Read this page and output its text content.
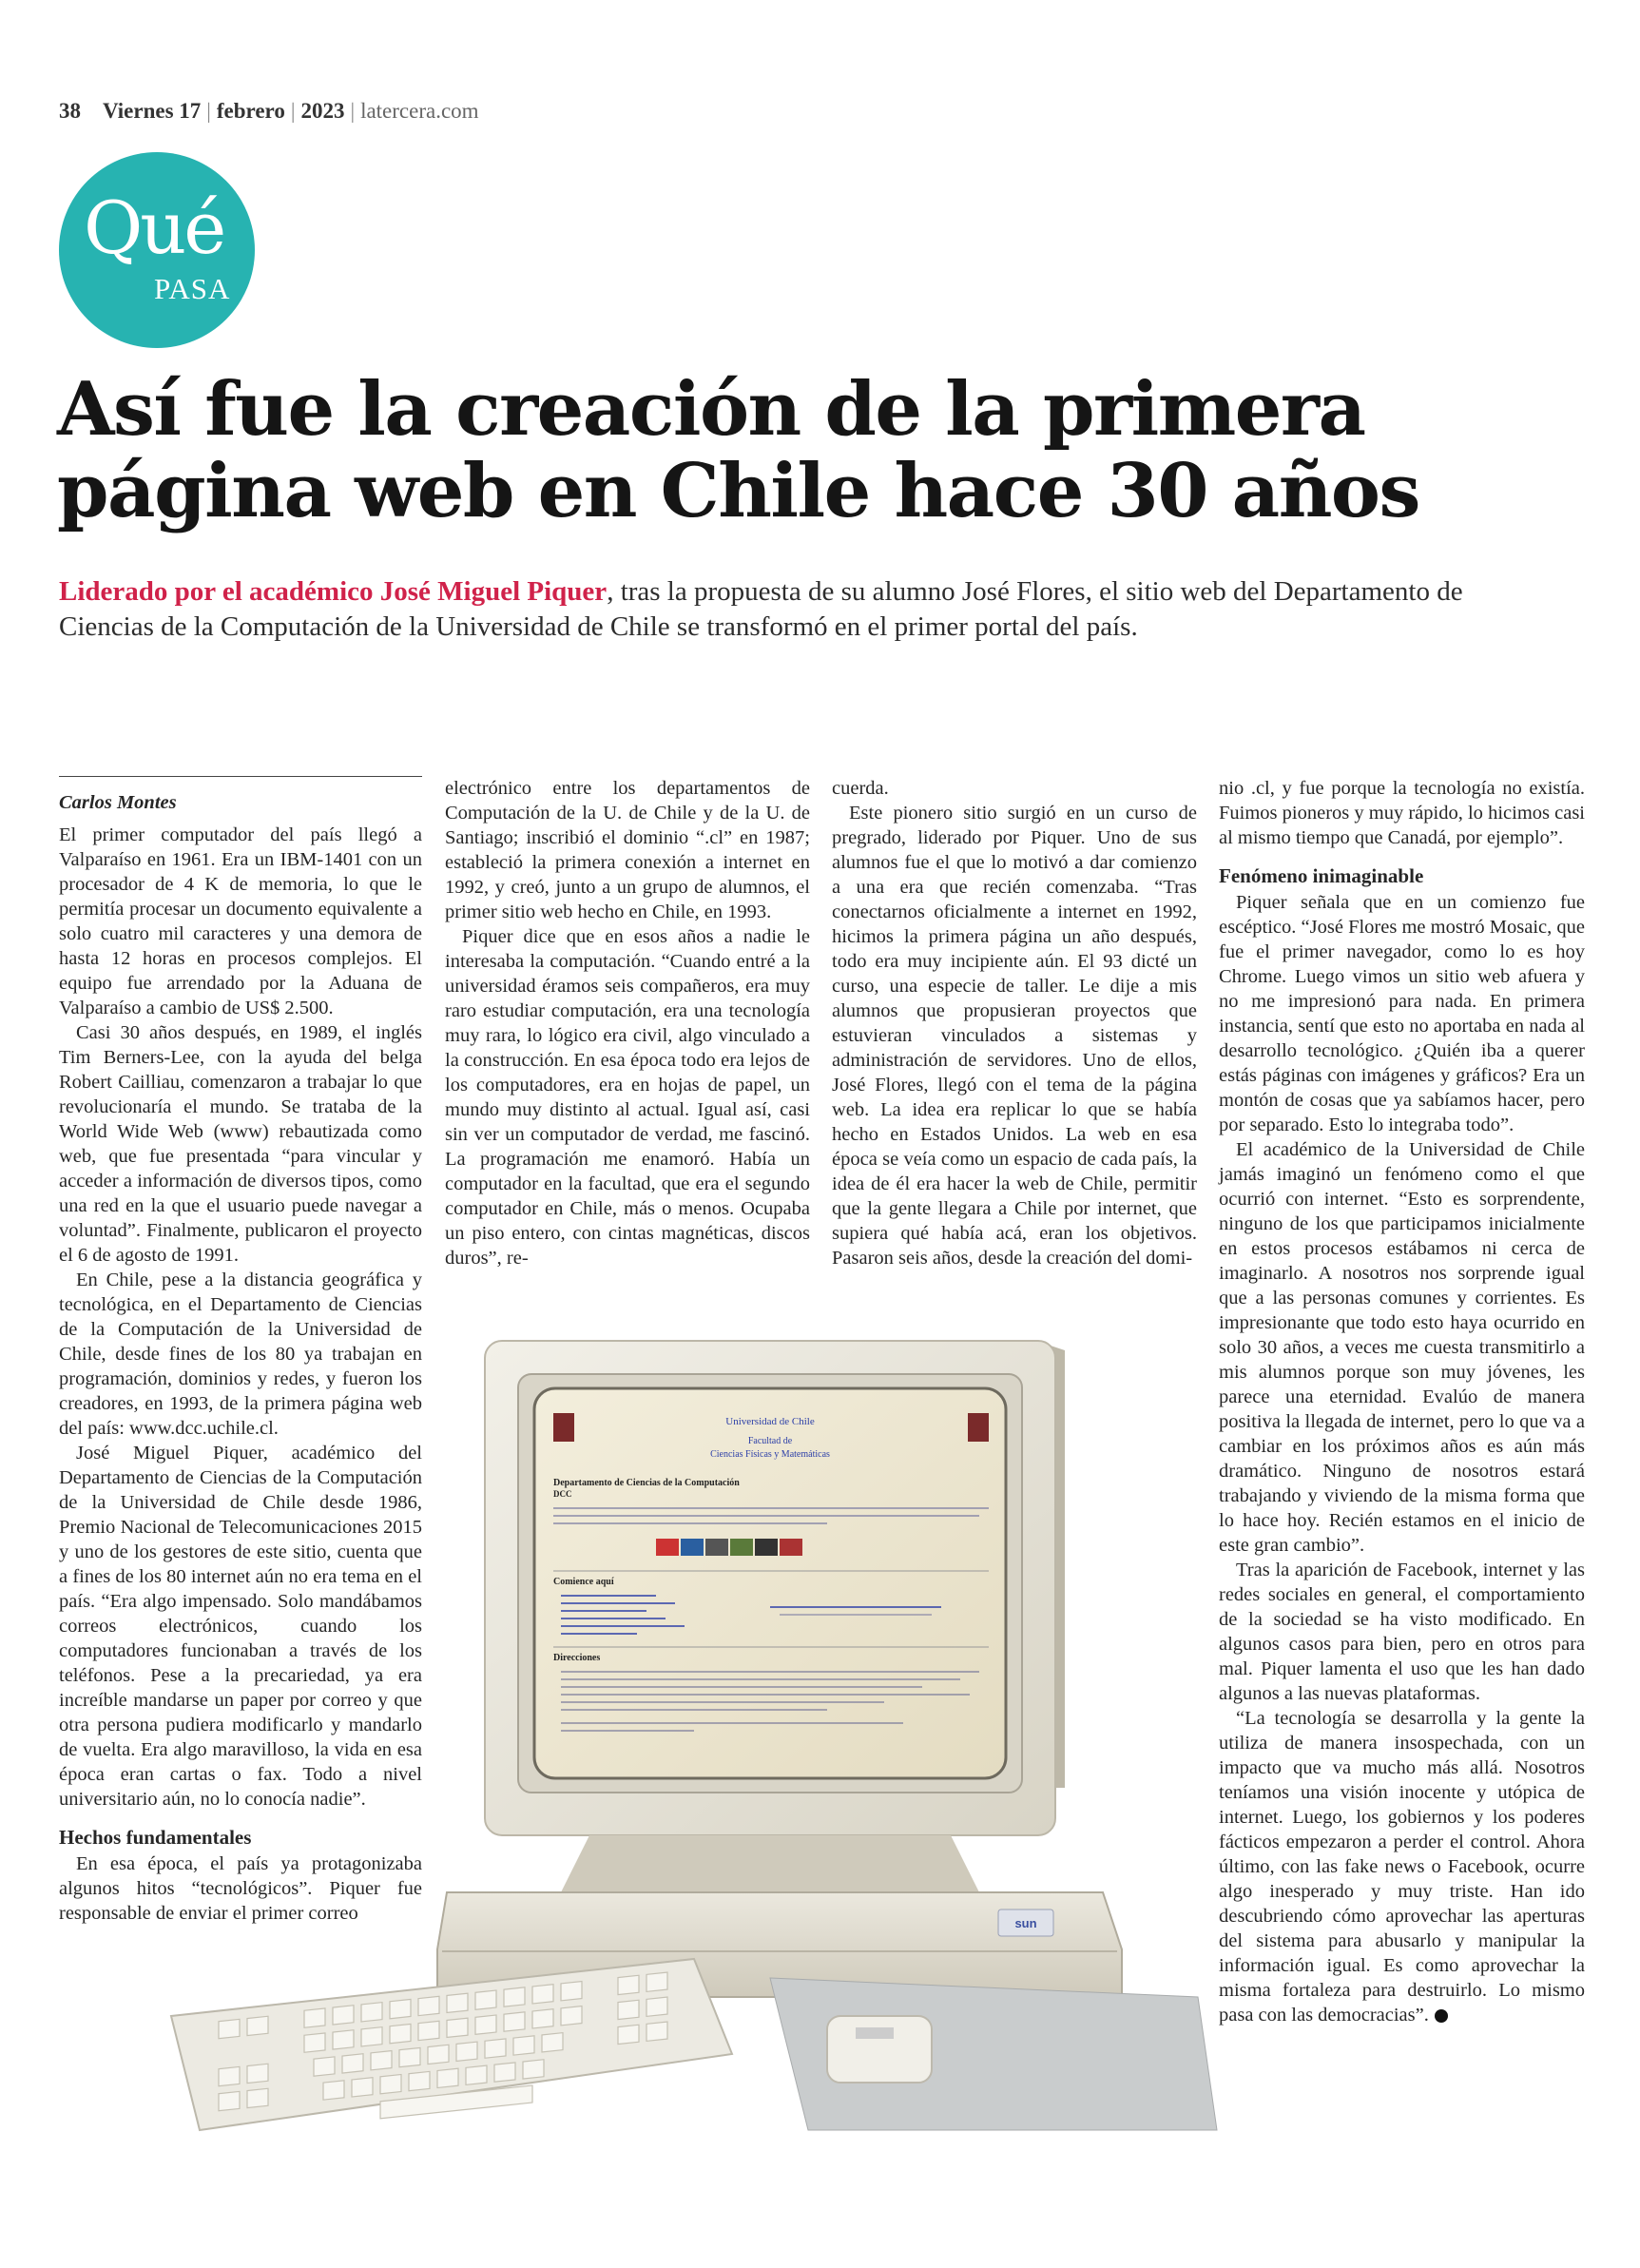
38 Viernes 17 | febrero | 2023 | latercera.com
Qué
PASA
Así fue la creación de la primera
página web en Chile hace 30 años

Liderado por el académico José Miguel Piquer, tras la propuesta de su alumno José Flores, el sitio web del Departamento de Ciencias de la Computación de la Universidad de Chile se transformó en el primer portal del país.

Carlos Montes

El primer computador del país llegó a Valparaíso en 1961. Era un IBM-1401 con un procesador de 4 K de memoria, lo que le permitía procesar un documento equivalente a solo cuatro mil caracteres y una demora de hasta 12 horas en procesos complejos. El equipo fue arrendado por la Aduana de Valparaíso a cambio de US$ 2.500.

Casi 30 años después, en 1989, el inglés Tim Berners-Lee, con la ayuda del belga Robert Cailliau, comenzaron a trabajar lo que revolucionaría el mundo. Se trataba de la World Wide Web (www) rebautizada como web, que fue presentada “para vincular y acceder a información de diversos tipos, como una red en la que el usuario puede navegar a voluntad”. Finalmente, publicaron el proyecto el 6 de agosto de 1991.

En Chile, pese a la distancia geográfica y tecnológica, en el Departamento de Ciencias de la Computación de la Universidad de Chile, desde fines de los 80 ya trabajan en programación, dominios y redes, y fueron los creadores, en 1993, de la primera página web del país: www.dcc.uchile.cl.

José Miguel Piquer, académico del Departamento de Ciencias de la Computación de la Universidad de Chile desde 1986, Premio Nacional de Telecomunicaciones 2015 y uno de los gestores de este sitio, cuenta que a fines de los 80 internet aún no era tema en el país. “Era algo impensado. Solo mandábamos correos electrónicos, cuando los computadores funcionaban a través de los teléfonos. Pese a la precariedad, ya era increíble mandarse un paper por correo y que otra persona pudiera modificarlo y mandarlo de vuelta. Era algo maravilloso, la vida en esa época eran cartas o fax. Todo a nivel universitario aún, no lo conocía nadie”.

Hechos fundamentales

En esa época, el país ya protagonizaba algunos hitos “tecnológicos”. Piquer fue responsable de enviar el primer correo

electrónico entre los departamentos de Computación de la U. de Chile y de la U. de Santiago; inscribió el dominio “.cl” en 1987; estableció la primera conexión a internet en 1992, y creó, junto a un grupo de alumnos, el primer sitio web hecho en Chile, en 1993.

Piquer dice que en esos años a nadie le interesaba la computación. “Cuando entré a la universidad éramos seis compañeros, era muy raro estudiar computación, era una tecnología muy rara, lo lógico era civil, algo vinculado a la construcción. En esa época todo era lejos de los computadores, era en hojas de papel, un mundo muy distinto al actual. Igual así, casi sin ver un computador de verdad, me fascinó. La programación me enamoró. Había un computador en la facultad, que era el segundo computador en Chile, más o menos. Ocupaba un piso entero, con cintas magnéticas, discos duros”, re-

cuerda.

Este pionero sitio surgió en un curso de pregrado, liderado por Piquer. Uno de sus alumnos fue el que lo motivó a dar comienzo a una era que recién comenzaba. “Tras conectarnos oficialmente a internet en 1992, hicimos la primera página un año después, todo era muy incipiente aún. El 93 dicté un curso, una especie de taller. Le dije a mis alumnos que propusieran proyectos que estuvieran vinculados a sistemas y administración de servidores. Uno de ellos, José Flores, llegó con el tema de la página web. La idea era replicar lo que se había hecho en Estados Unidos. La web en esa época se veía como un espacio de cada país, la idea de él era hacer la web de Chile, permitir que la gente llegara a Chile por internet, que supiera qué había acá, eran los objetivos. Pasaron seis años, desde la creación del domi-

nio .cl, y fue porque la tecnología no existía. Fuimos pioneros y muy rápido, lo hicimos casi al mismo tiempo que Canadá, por ejemplo”.

Fenómeno inimaginable

Piquer señala que en un comienzo fue escéptico. “José Flores me mostró Mosaic, que fue el primer navegador, como lo es hoy Chrome. Luego vimos un sitio web afuera y no me impresionó para nada. En primera instancia, sentí que esto no aportaba en nada al desarrollo tecnológico. ¿Quién iba a querer estás páginas con imágenes y gráficos? Era un montón de cosas que ya sabíamos hacer, pero por separado. Esto lo integraba todo”.

El académico de la Universidad de Chile jamás imaginó un fenómeno como el que ocurrió con internet. “Esto es sorprendente, ninguno de los que participamos inicialmente en estos procesos estábamos ni cerca de imaginarlo. A nosotros nos sorprende igual que a las personas comunes y corrientes. Es impresionante que todo esto haya ocurrido en solo 30 años, a veces me cuesta transmitirlo a mis alumnos porque son muy jóvenes, les parece una eternidad. Evalúo de manera positiva la llegada de internet, pero lo que va a cambiar en los próximos años es aún más dramático. Ninguno de nosotros estará trabajando y viviendo de la misma forma que lo hace hoy. Recién estamos en el inicio de este gran cambio”.

Tras la aparición de Facebook, internet y las redes sociales en general, el comportamiento de la sociedad se ha visto modificado. En algunos casos para bien, pero en otros para mal. Piquer lamenta el uso que les han dado algunos a las nuevas plataformas.

“La tecnología se desarrolla y la gente la utiliza de manera insospechada, con un impacto que va mucho más allá. Nosotros teníamos una visión inocente y utópica de internet. Luego, los gobiernos y los poderes fácticos empezaron a perder el control. Ahora último, con las fake news o Facebook, ocurre algo inesperado y muy triste. Han ido descubriendo cómo aprovechar las aperturas del sistema para abusarlo y manipular la información igual. Es como aprovechar la misma fortaleza para destruirlo. Lo mismo pasa con las democracias”.

Universidad de Chile
Facultad de
Ciencias Físicas y Matemáticas
Departamento de Ciencias de la Computación
DCC
Comience aquí
Direcciones
sun
